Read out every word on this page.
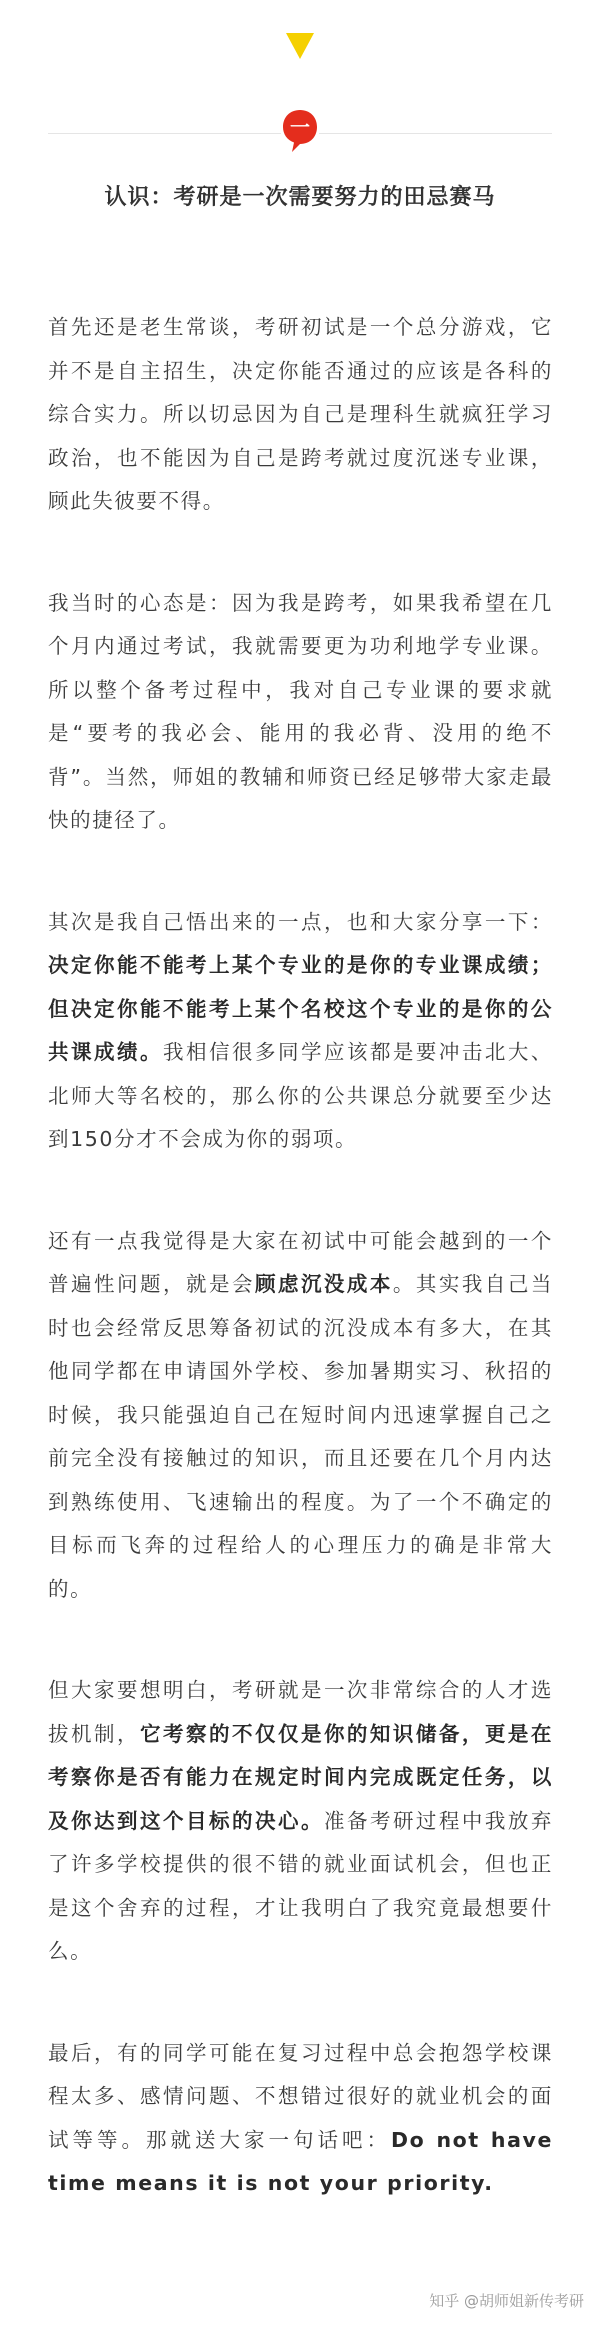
一
认识：考研是一次需要努力的田忌赛马

首先还是老生常谈，考研初试是一个总分游戏，它并不是自主招生，决定你能否通过的应该是各科的综合实力。所以切忌因为自己是理科生就疯狂学习政治，也不能因为自己是跨考就过度沉迷专业课，顾此失彼要不得。

我当时的心态是：因为我是跨考，如果我希望在几个月内通过考试，我就需要更为功利地学专业课。所以整个备考过程中，我对自己专业课的要求就是“要考的我必会、能用的我必背、没用的绝不背”。当然，师姐的教辅和师资已经足够带大家走最快的捷径了。

其次是我自己悟出来的一点，也和大家分享一下：决定你能不能考上某个专业的是你的专业课成绩；但决定你能不能考上某个名校这个专业的是你的公共课成绩。我相信很多同学应该都是要冲击北大、北师大等名校的，那么你的公共课总分就要至少达到150分才不会成为你的弱项。

还有一点我觉得是大家在初试中可能会越到的一个普遍性问题，就是会顾虑沉没成本。其实我自己当时也会经常反思筹备初试的沉没成本有多大，在其他同学都在申请国外学校、参加暑期实习、秋招的时候，我只能强迫自己在短时间内迅速掌握自己之前完全没有接触过的知识，而且还要在几个月内达到熟练使用、飞速输出的程度。为了一个不确定的目标而飞奔的过程给人的心理压力的确是非常大的。

但大家要想明白，考研就是一次非常综合的人才选拔机制，它考察的不仅仅是你的知识储备，更是在考察你是否有能力在规定时间内完成既定任务，以及你达到这个目标的决心。准备考研过程中我放弃了许多学校提供的很不错的就业面试机会，但也正是这个舍弃的过程，才让我明白了我究竟最想要什么。

最后，有的同学可能在复习过程中总会抱怨学校课程太多、感情问题、不想错过很好的就业机会的面试等等。那就送大家一句话吧：Do not have time means it is not your priority.

知乎 @胡师姐新传考研
